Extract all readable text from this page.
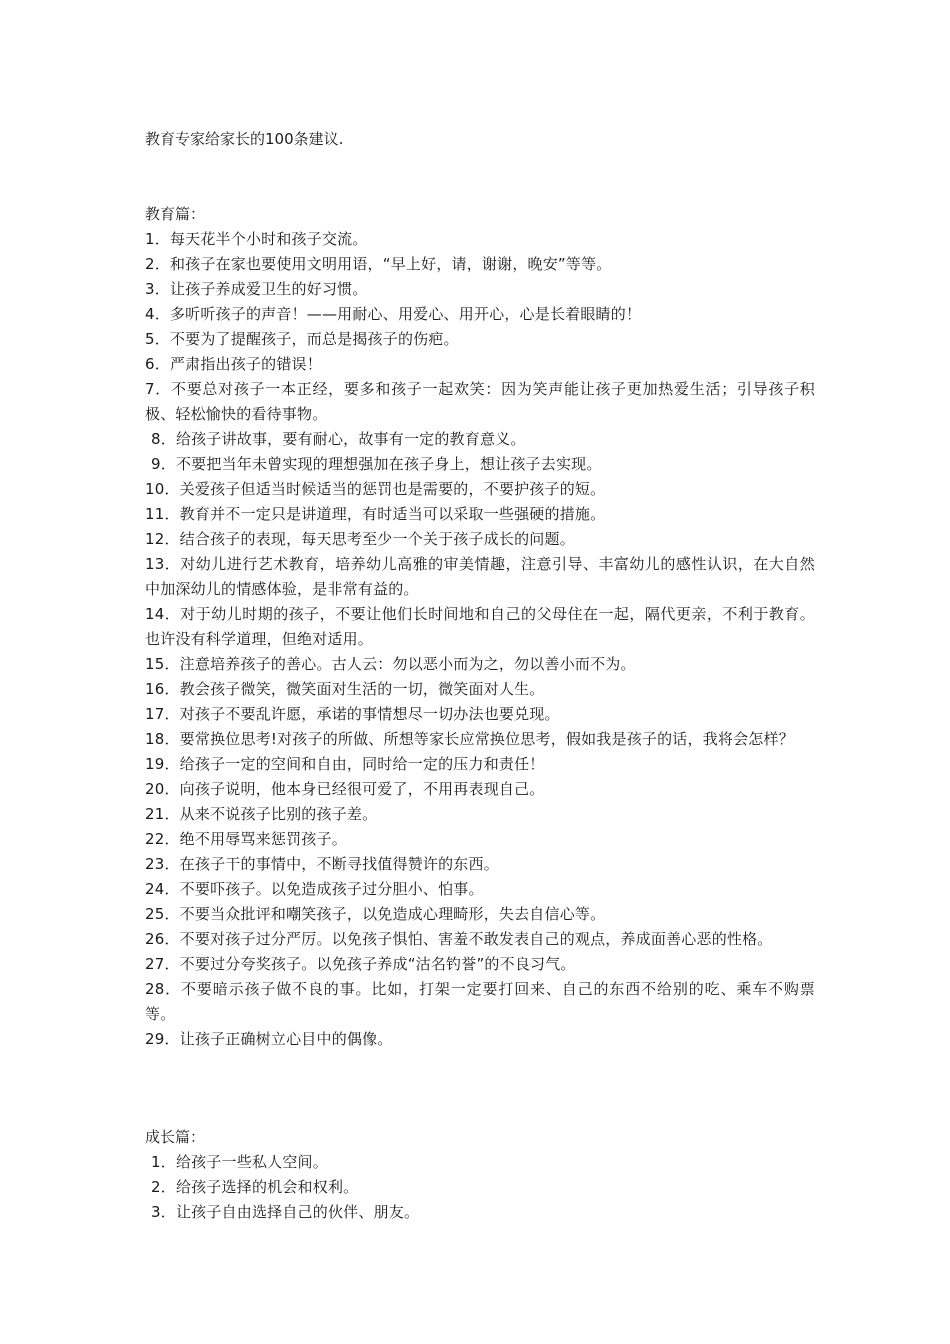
教育专家给家长的100条建议.
教育篇：
1．每天花半个小时和孩子交流。
2．和孩子在家也要使用文明用语，“早上好，请，谢谢，晚安”等等。
3．让孩子养成爱卫生的好习惯。
4．多听听孩子的声音！——用耐心、用爱心、用开心，心是长着眼睛的！
5．不要为了提醒孩子，而总是揭孩子的伤疤。
6．严肃指出孩子的错误！
7．不要总对孩子一本正经，要多和孩子一起欢笑：因为笑声能让孩子更加热爱生活；引导孩子积极、轻松愉快的看待事物。
8．给孩子讲故事，要有耐心，故事有一定的教育意义。
9．不要把当年未曾实现的理想强加在孩子身上，想让孩子去实现。
10．关爱孩子但适当时候适当的惩罚也是需要的，不要护孩子的短。
11．教育并不一定只是讲道理，有时适当可以采取一些强硬的措施。
12．结合孩子的表现，每天思考至少一个关于孩子成长的问题。
13．对幼儿进行艺术教育，培养幼儿高雅的审美情趣，注意引导、丰富幼儿的感性认识，在大自然中加深幼儿的情感体验，是非常有益的。
14．对于幼儿时期的孩子，不要让他们长时间地和自己的父母住在一起，隔代更亲，不利于教育。也许没有科学道理，但绝对适用。
15．注意培养孩子的善心。古人云：勿以恶小而为之，勿以善小而不为。
16．教会孩子微笑，微笑面对生活的一切，微笑面对人生。
17．对孩子不要乱许愿，承诺的事情想尽一切办法也要兑现。
18．要常换位思考!对孩子的所做、所想等家长应常换位思考，假如我是孩子的话，我将会怎样？
19．给孩子一定的空间和自由，同时给一定的压力和责任！
20．向孩子说明，他本身已经很可爱了，不用再表现自己。
21．从来不说孩子比别的孩子差。
22．绝不用辱骂来惩罚孩子。
23．在孩子干的事情中，不断寻找值得赞许的东西。
24．不要吓孩子。以免造成孩子过分胆小、怕事。
25．不要当众批评和嘲笑孩子，以免造成心理畸形，失去自信心等。
26．不要对孩子过分严厉。以免孩子惧怕、害羞不敢发表自己的观点，养成面善心恶的性格。
27．不要过分夸奖孩子。以免孩子养成“沽名钓誉”的不良习气。
28．不要暗示孩子做不良的事。比如，打架一定要打回来、自己的东西不给别的吃、乘车不购票等。
29．让孩子正确树立心目中的偶像。
成长篇：
1．给孩子一些私人空间。
2．给孩子选择的机会和权利。
3．让孩子自由选择自己的伙伴、朋友。
